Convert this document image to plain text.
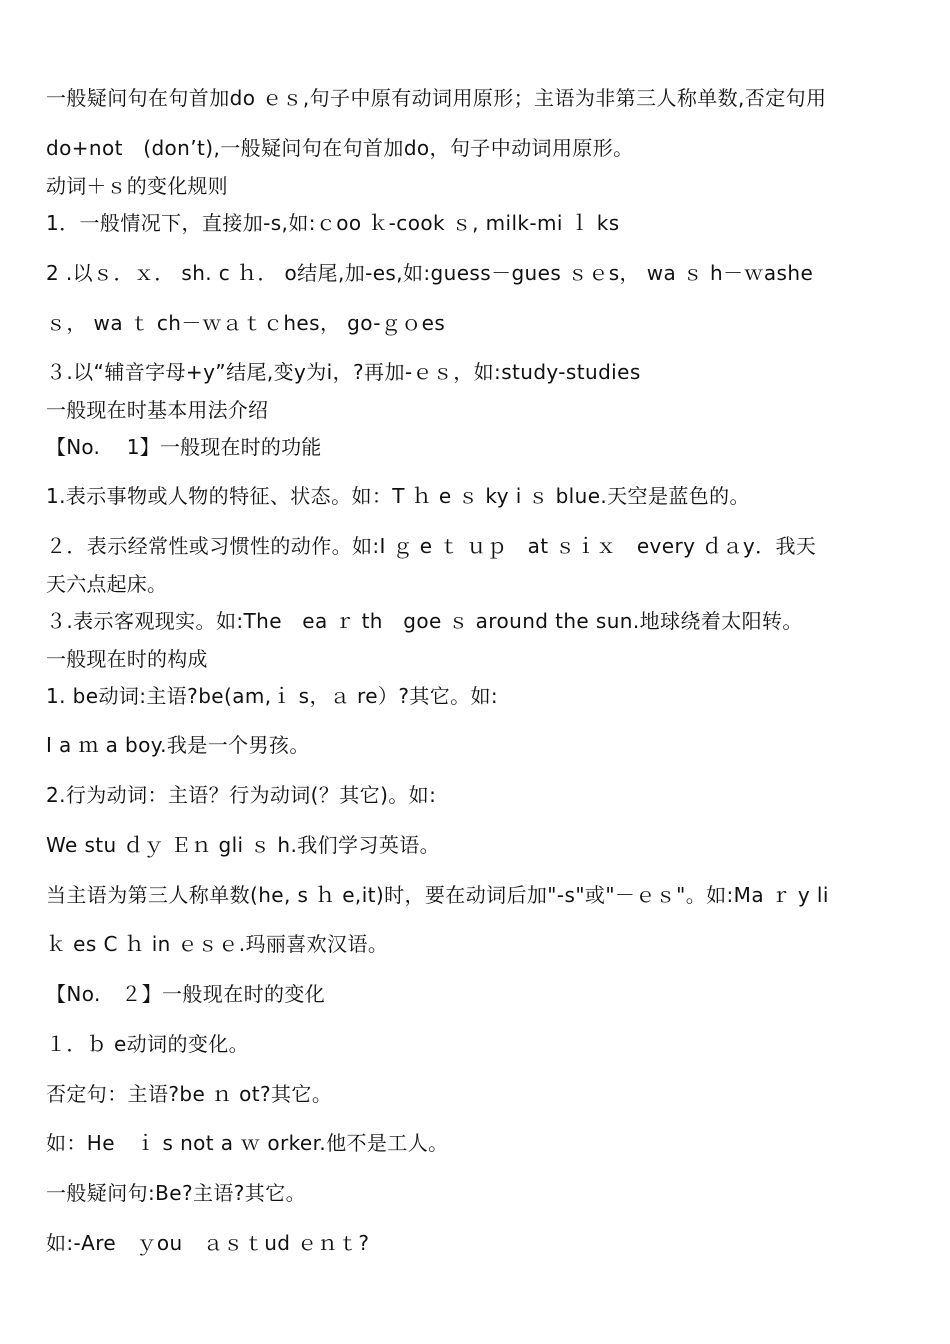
一般疑问句在句首加do ｅｓ,句子中原有动词用原形；主语为非第三人称单数,否定句用
do+not　(don’t),一般疑问句在句首加do，句子中动词用原形。
动词＋ｓ的变化规则
1．一般情况下，直接加-s,如:ｃoo ｋ-cook ｓ, milk-mi ｌ ks
2 .以ｓ．ｘ． sh. c ｈ． o结尾,加-es,如:guess－gues ｓｅs， wa ｓ h－ｗashe
ｓ， wa ｔ ch－ｗａｔｃhes， go-ｇｏes
３.以“辅音字母+y”结尾,变y为i，?再加-ｅｓ，如:study-studies
一般现在时基本用法介绍
【No.　 1】一般现在时的功能
1.表示事物或人物的特征、状态。如：T ｈ e ｓ ky i ｓ blue.天空是蓝色的。
２．表示经常性或习惯性的动作。如:I ｇ e ｔ ｕｐ　at ｓｉｘ　every ｄａy．我天
天六点起床。
３.表示客观现实。如:The　ea ｒ th　goe ｓ around the sun.地球绕着太阳转。
一般现在时的构成
1. be动词:主语?be(am,ｉ s，ａ re）?其它。如:
I a ｍ a boy.我是一个男孩。
2.行为动词：主语？行为动词(？其它)。如:
We stu ｄｙ Ｅｎ gli ｓ h.我们学习英语。
当主语为第三人称单数(he, s ｈ e,it)时，要在动词后加"-s"或"－ｅｓ"。如:Ma ｒ y li
ｋ es C ｈ in ｅｓｅ.玛丽喜欢汉语。
【No.　２】一般现在时的变化
１．ｂ e动词的变化。
否定句：主语?be ｎ ot?其它。
如：He　ｉ s not a ｗ orker.他不是工人。
一般疑问句:Be?主语?其它。
如:-Are　ｙou　ａｓｔud ｅｎｔ?
